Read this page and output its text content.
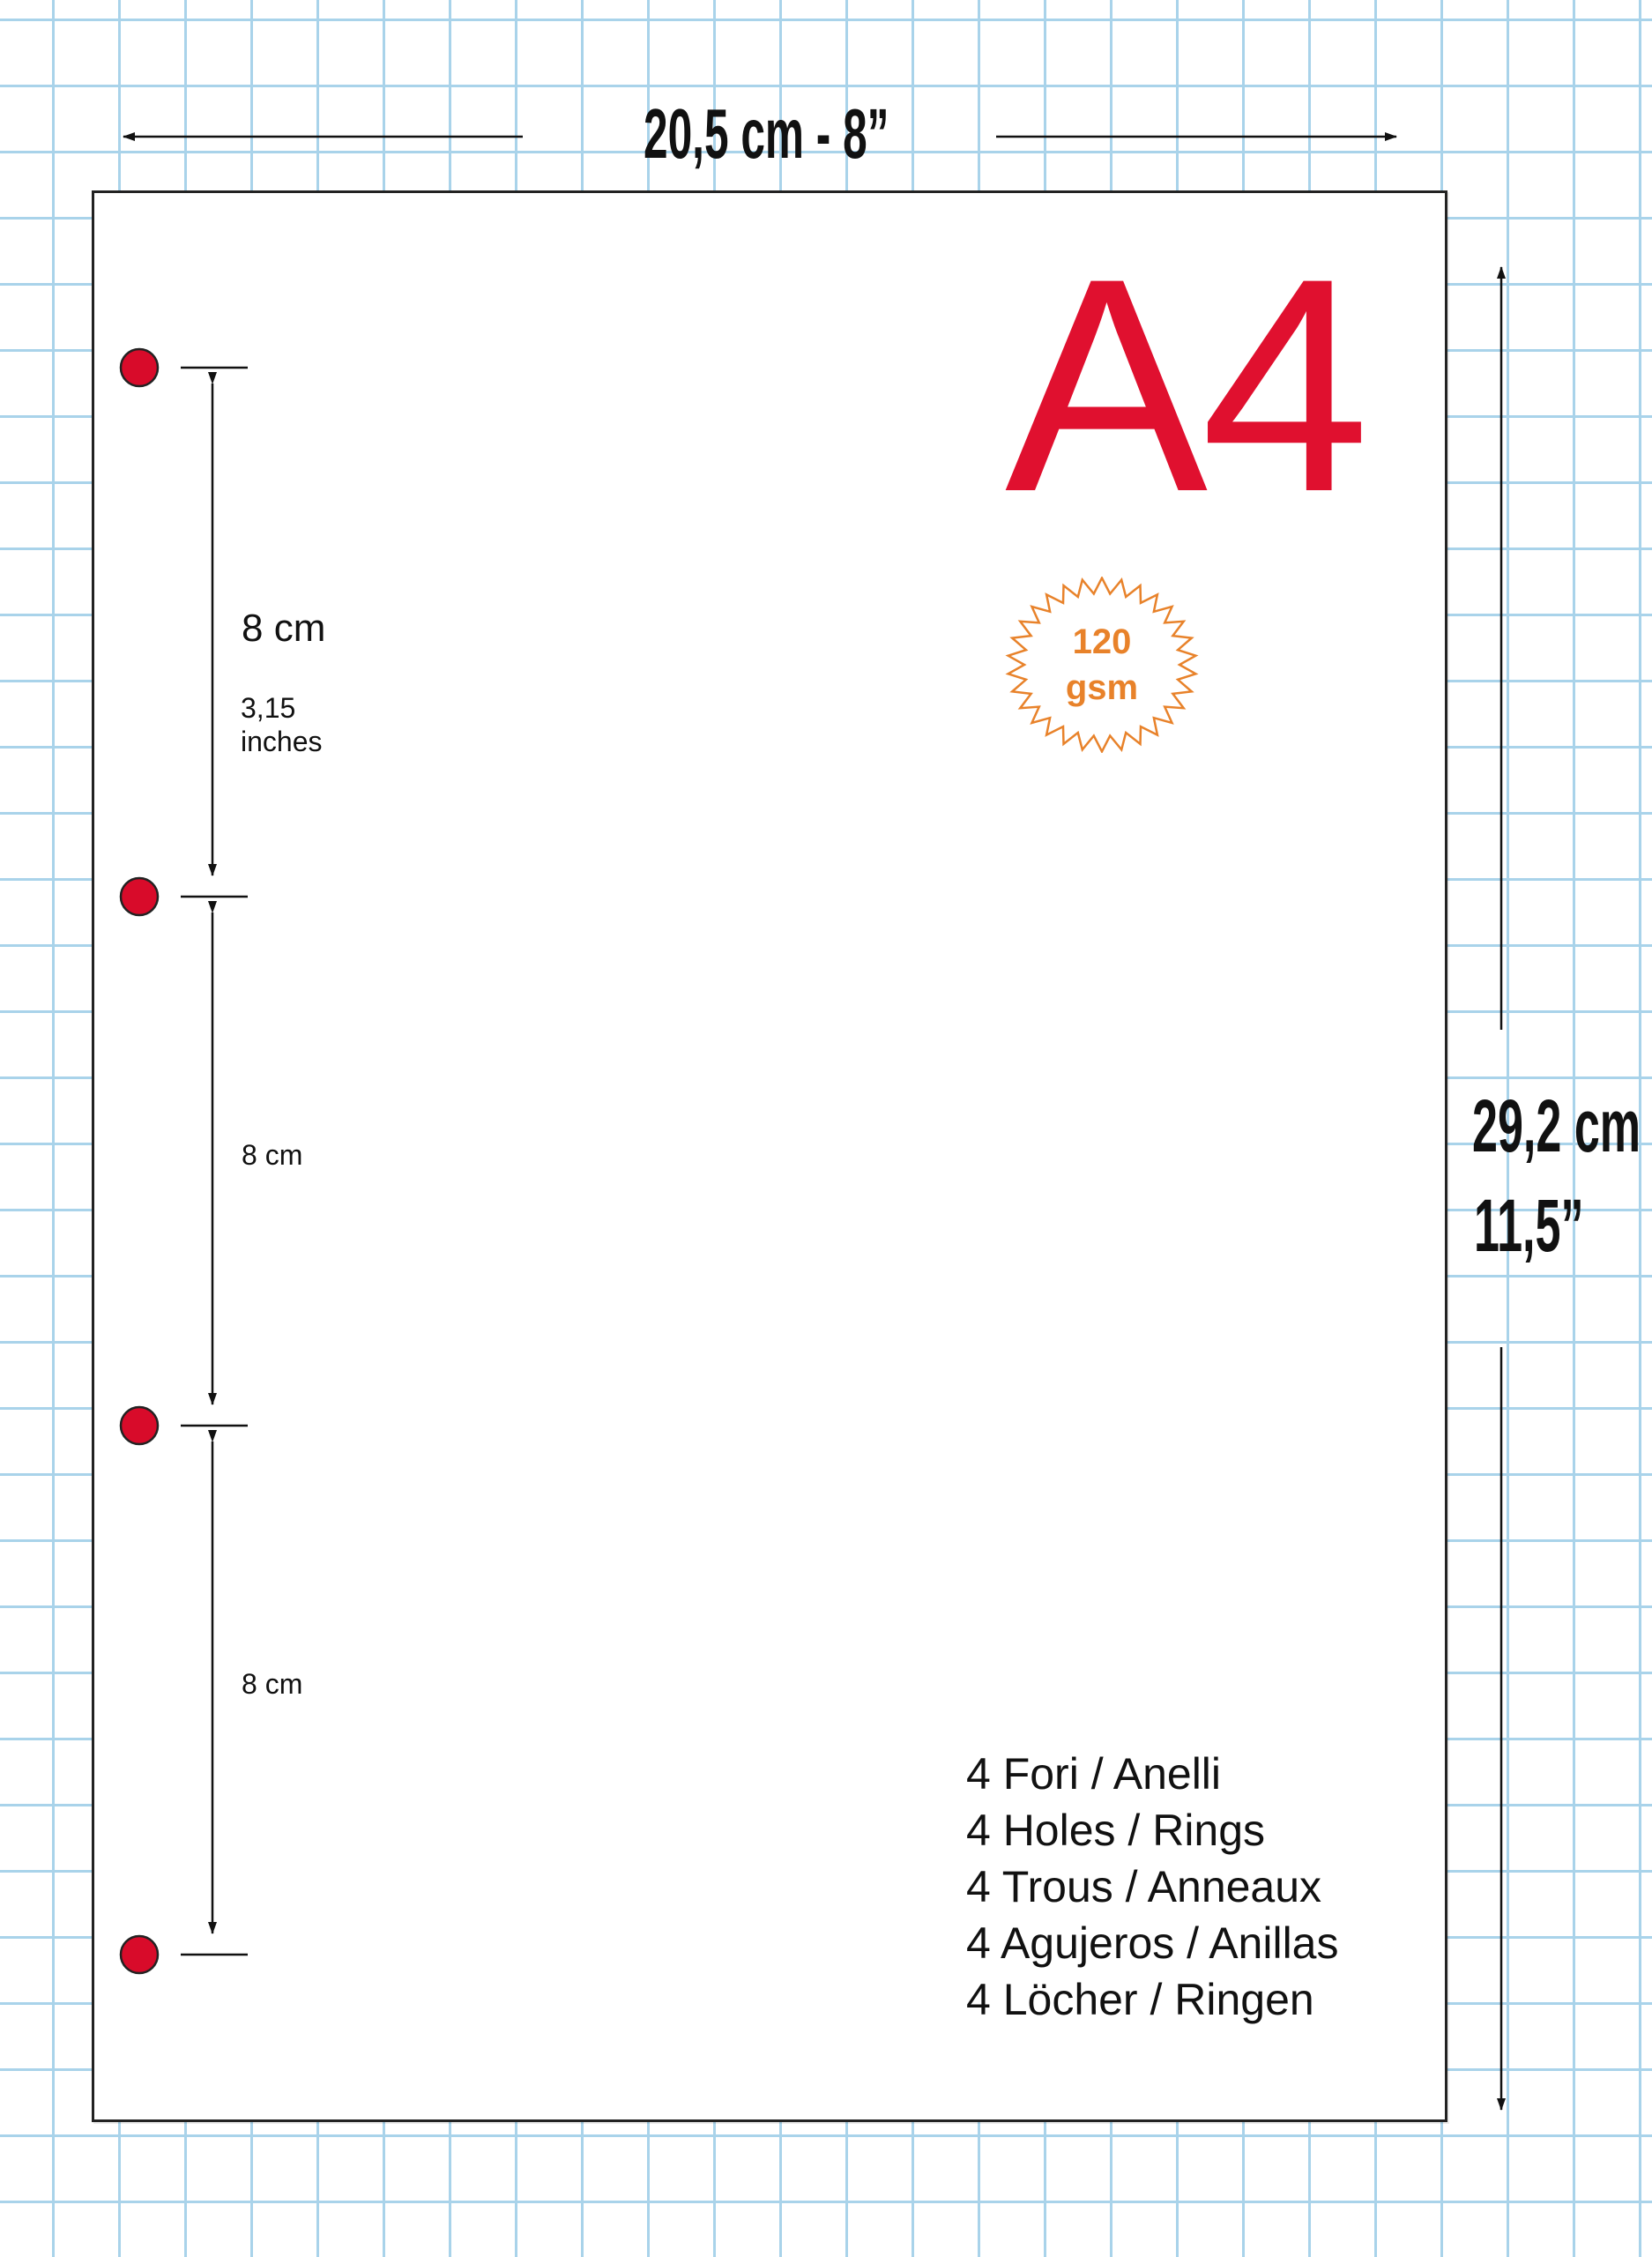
20,5 cm - 8”
29,2 cm
11,5”
A4
120
gsm
8 cm
3,15
inches
8 cm
8 cm
4 Fori / Anelli
4 Holes / Rings
4 Trous / Anneaux
4 Agujeros / Anillas
4 Löcher / Ringen
